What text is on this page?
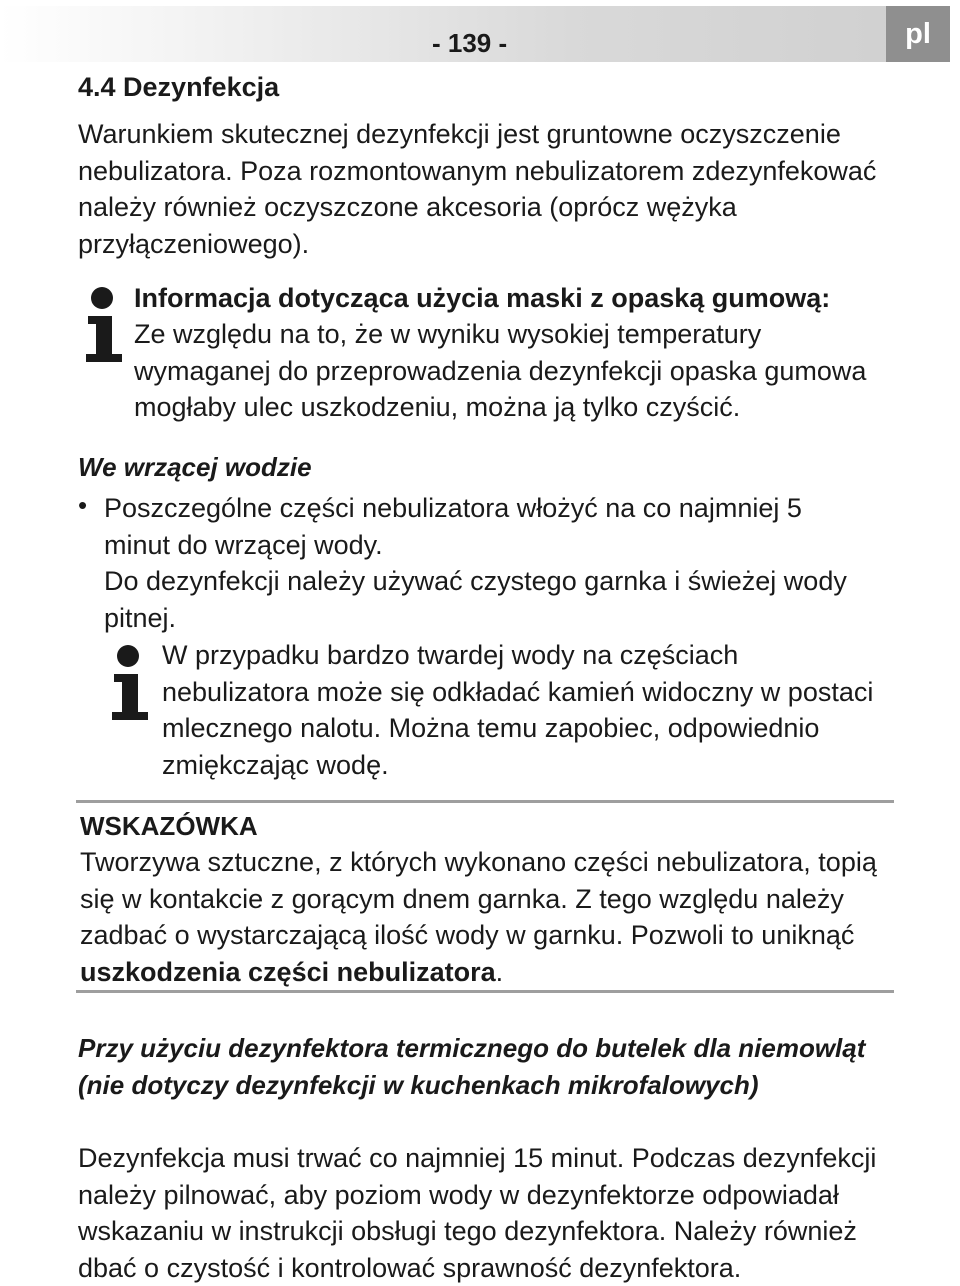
- 139 -	pl
4.4 Dezynfekcja

Warunkiem skutecznej dezynfekcji jest gruntowne oczyszczenie nebulizatora. Poza rozmontowanym nebulizatorem zdezynfekować należy również oczyszczone akcesoria (oprócz wężyka przyłączeniowego).

Informacja dotycząca użycia maski z opaską gumową:

Ze względu na to, że w wyniku wysokiej temperatury wymaganej do przeprowadzenia dezynfekcji opaska gumowa mogłaby ulec uszkodzeniu, można ją tylko czyścić.

We wrzącej wodzie
• Poszczególne części nebulizatora włożyć na co najmniej 5 minut do wrzącej wody.

Do dezynfekcji należy używać czystego garnka i świeżej wody pitnej.

W przypadku bardzo twardej wody na częściach nebulizatora może się odkładać kamień widoczny w postaci mlecznego nalotu. Można temu zapobiec, odpowiednio zmiękczając wodę.

WSKAZÓWKA

Tworzywa sztuczne, z których wykonano części nebulizatora, topią się w kontakcie z gorącym dnem garnka. Z tego względu należy zadbać o wystarczającą ilość wody w garnku. Pozwoli to uniknąć uszkodzenia części nebulizatora.

Przy użyciu dezynfektora termicznego do butelek dla niemowląt (nie dotyczy dezynfekcji w kuchenkach mikrofalowych)

Dezynfekcja musi trwać co najmniej 15 minut. Podczas dezynfekcji należy pilnować, aby poziom wody w dezynfektorze odpowiadał wskazaniu w instrukcji obsługi tego dezynfektora. Należy również dbać o czystość i kontrolować sprawność dezynfektora.
